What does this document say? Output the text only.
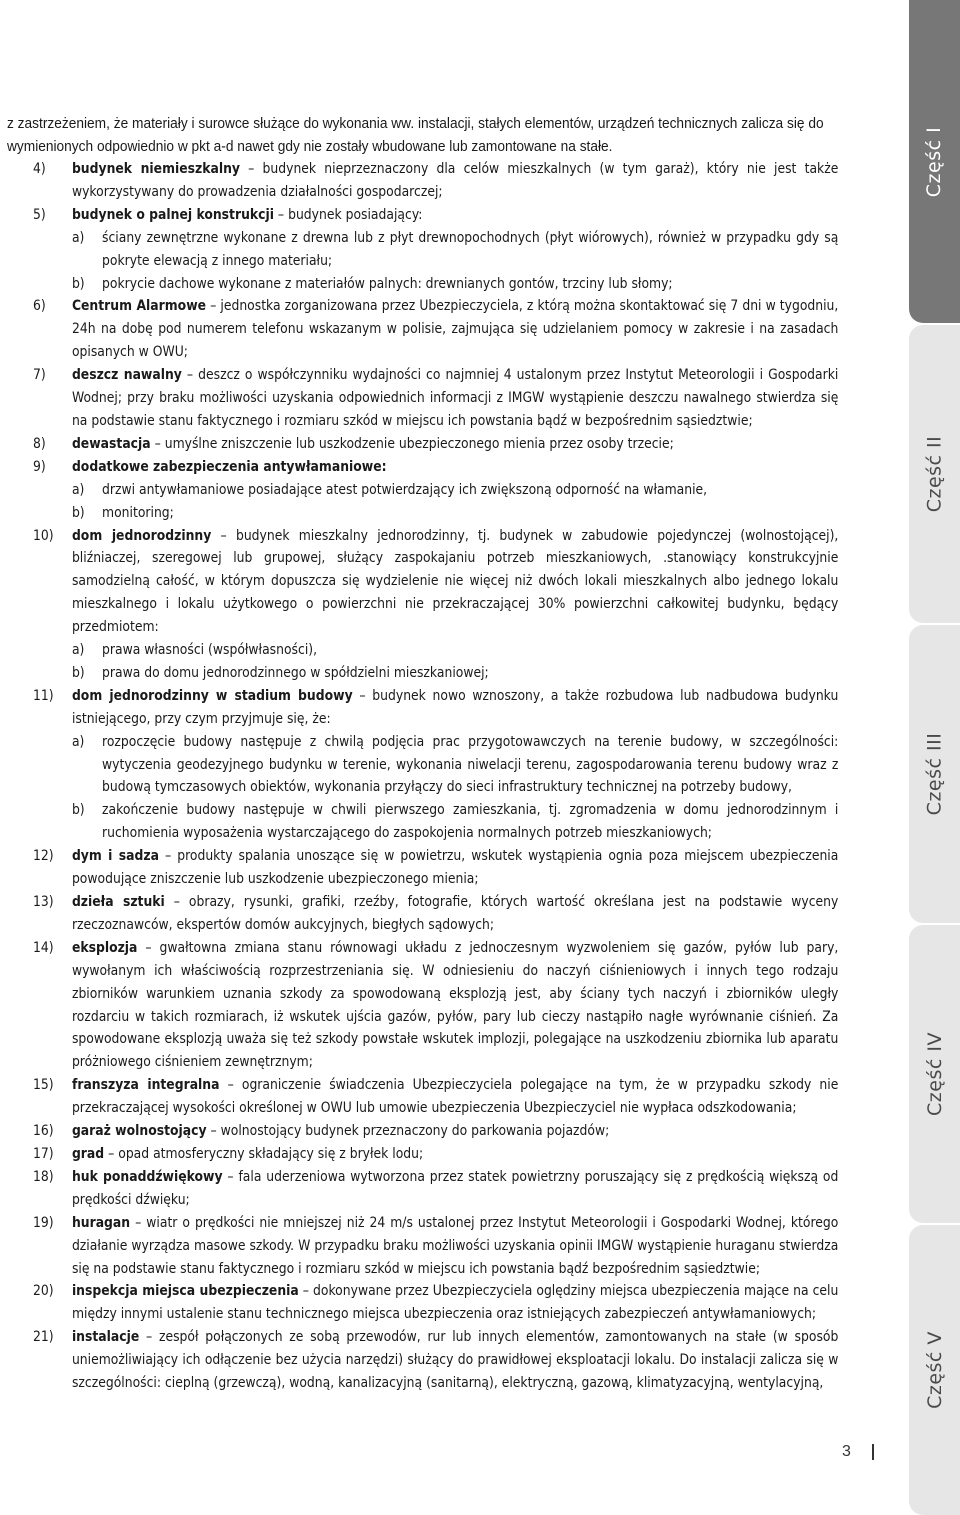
z zastrzeżeniem, że materiały i surowce służące do wykonania ww. instalacji, stałych elementów, urządzeń technicznych zalicza się do wymienionych odpowiednio w pkt a-d nawet gdy nie zostały wbudowane lub zamontowane na stałe.
4) budynek niemieszkalny – budynek nieprzeznaczony dla celów mieszkalnych (w tym garaż), który nie jest także wykorzystywany do prowadzenia działalności gospodarczej;
5) budynek o palnej konstrukcji – budynek posiadający:
a) ściany zewnętrzne wykonane z drewna lub z płyt drewnopochodnych (płyt wiórowych), również w przypadku gdy są pokryte elewacją z innego materiału;
b) pokrycie dachowe wykonane z materiałów palnych: drewnianych gontów, trzciny lub słomy;
6) Centrum Alarmowe – jednostka zorganizowana przez Ubezpieczyciela, z którą można skontaktować się 7 dni w tygodniu, 24h na dobę pod numerem telefonu wskazanym w polisie, zajmująca się udzielaniem pomocy w zakresie i na zasadach opisanych w OWU;
7) deszcz nawalny – deszcz o współczynniku wydajności co najmniej 4 ustalonym przez Instytut Meteorologii i Gospodarki Wodnej; przy braku możliwości uzyskania odpowiednich informacji z IMGW wystąpienie deszczu nawalnego stwierdza się na podstawie stanu faktycznego i rozmiaru szkód w miejscu ich powstania bądź w bezpośrednim sąsiedztwie;
8) dewastacja – umyślne zniszczenie lub uszkodzenie ubezpieczonego mienia przez osoby trzecie;
9) dodatkowe zabezpieczenia antywłamaniowe:
a) drzwi antywłamaniowe posiadające atest potwierdzający ich zwiększoną odporność na włamanie,
b) monitoring;
10) dom jednorodzinny – budynek mieszkalny jednorodzinny, tj. budynek w zabudowie pojedynczej (wolnostojącej), bliźniaczej, szeregowej lub grupowej, służący zaspokajaniu potrzeb mieszkaniowych, .stanowiący konstrukcyjnie samodzielną całość, w którym dopuszcza się wydzielenie nie więcej niż dwóch lokali mieszkalnych albo jednego lokalu mieszkalnego i lokalu użytkowego o powierzchni nie przekraczającej 30% powierzchni całkowitej budynku, będący przedmiotem:
a) prawa własności (współwłasności),
b) prawa do domu jednorodzinnego w spółdzielni mieszkaniowej;
11) dom jednorodzinny w stadium budowy – budynek nowo wznoszony, a także rozbudowa lub nadbudowa budynku istniejącego, przy czym przyjmuje się, że:
a) rozpoczęcie budowy następuje z chwilą podjęcia prac przygotowawczych na terenie budowy, w szczególności: wytyczenia geodezyjnego budynku w terenie, wykonania niwelacji terenu, zagospodarowania terenu budowy wraz z budową tymczasowych obiektów, wykonania przyłączy do sieci infrastruktury technicznej na potrzeby budowy,
b) zakończenie budowy następuje w chwili pierwszego zamieszkania, tj. zgromadzenia w domu jednorodzinnym i ruchomienia wyposażenia wystarczającego do zaspokojenia normalnych potrzeb mieszkaniowych;
12) dym i sadza – produkty spalania unoszące się w powietrzu, wskutek wystąpienia ognia poza miejscem ubezpieczenia powodujące zniszczenie lub uszkodzenie ubezpieczonego mienia;
13) dzieła sztuki – obrazy, rysunki, grafiki, rzeźby, fotografie, których wartość określana jest na podstawie wyceny rzeczoznawców, ekspertów domów aukcyjnych, biegłych sądowych;
14) eksplozja – gwałtowna zmiana stanu równowagi układu z jednoczesnym wyzwoleniem się gazów, pyłów lub pary, wywołanym ich właściwością rozprzestrzeniania się. W odniesieniu do naczyń ciśnieniowych i innych tego rodzaju zbiorników warunkiem uznania szkody za spowodowaną eksplozją jest, aby ściany tych naczyń i zbiorników uległy rozdarciu w takich rozmiarach, iż wskutek ujścia gazów, pyłów, pary lub cieczy nastąpiło nagłe wyrównanie ciśnień. Za spowodowane eksplozją uważa się też szkody powstałe wskutek implozji, polegające na uszkodzeniu zbiornika lub aparatu próżniowego ciśnieniem zewnętrznym;
15) franszyza integralna – ograniczenie świadczenia Ubezpieczyciela polegające na tym, że w przypadku szkody nie przekraczającej wysokości określonej w OWU lub umowie ubezpieczenia Ubezpieczyciel nie wypłaca odszkodowania;
16) garaż wolnostojący – wolnostojący budynek przeznaczony do parkowania pojazdów;
17) grad – opad atmosferyczny składający się z bryłek lodu;
18) huk ponaddźwiękowy – fala uderzeniowa wytworzona przez statek powietrzny poruszający się z prędkością większą od prędkości dźwięku;
19) huragan – wiatr o prędkości nie mniejszej niż 24 m/s ustalonej przez Instytut Meteorologii i Gospodarki Wodnej, którego działanie wyrządza masowe szkody. W przypadku braku możliwości uzyskania opinii IMGW wystąpienie huraganu stwierdza się na podstawie stanu faktycznego i rozmiaru szkód w miejscu ich powstania bądź bezpośrednim sąsiedztwie;
20) inspekcja miejsca ubezpieczenia – dokonywane przez Ubezpieczyciela oględziny miejsca ubezpieczenia mające na celu między innymi ustalenie stanu technicznego miejsca ubezpieczenia oraz istniejących zabezpieczeń antywłamaniowych;
21) instalacje – zespół połączonych ze sobą przewodów, rur lub innych elementów, zamontowanych na stałe (w sposób uniemożliwiający ich odłączenie bez użycia narzędzi) służący do prawidłowej eksploatacji lokalu. Do instalacji zalicza się w szczególności: cieplną (grzewczą), wodną, kanalizacyjną (sanitarną), elektryczną, gazową, klimatyzacyjną, wentylacyjną,
Część I
Część II
Część III
Część IV
Część V
3
